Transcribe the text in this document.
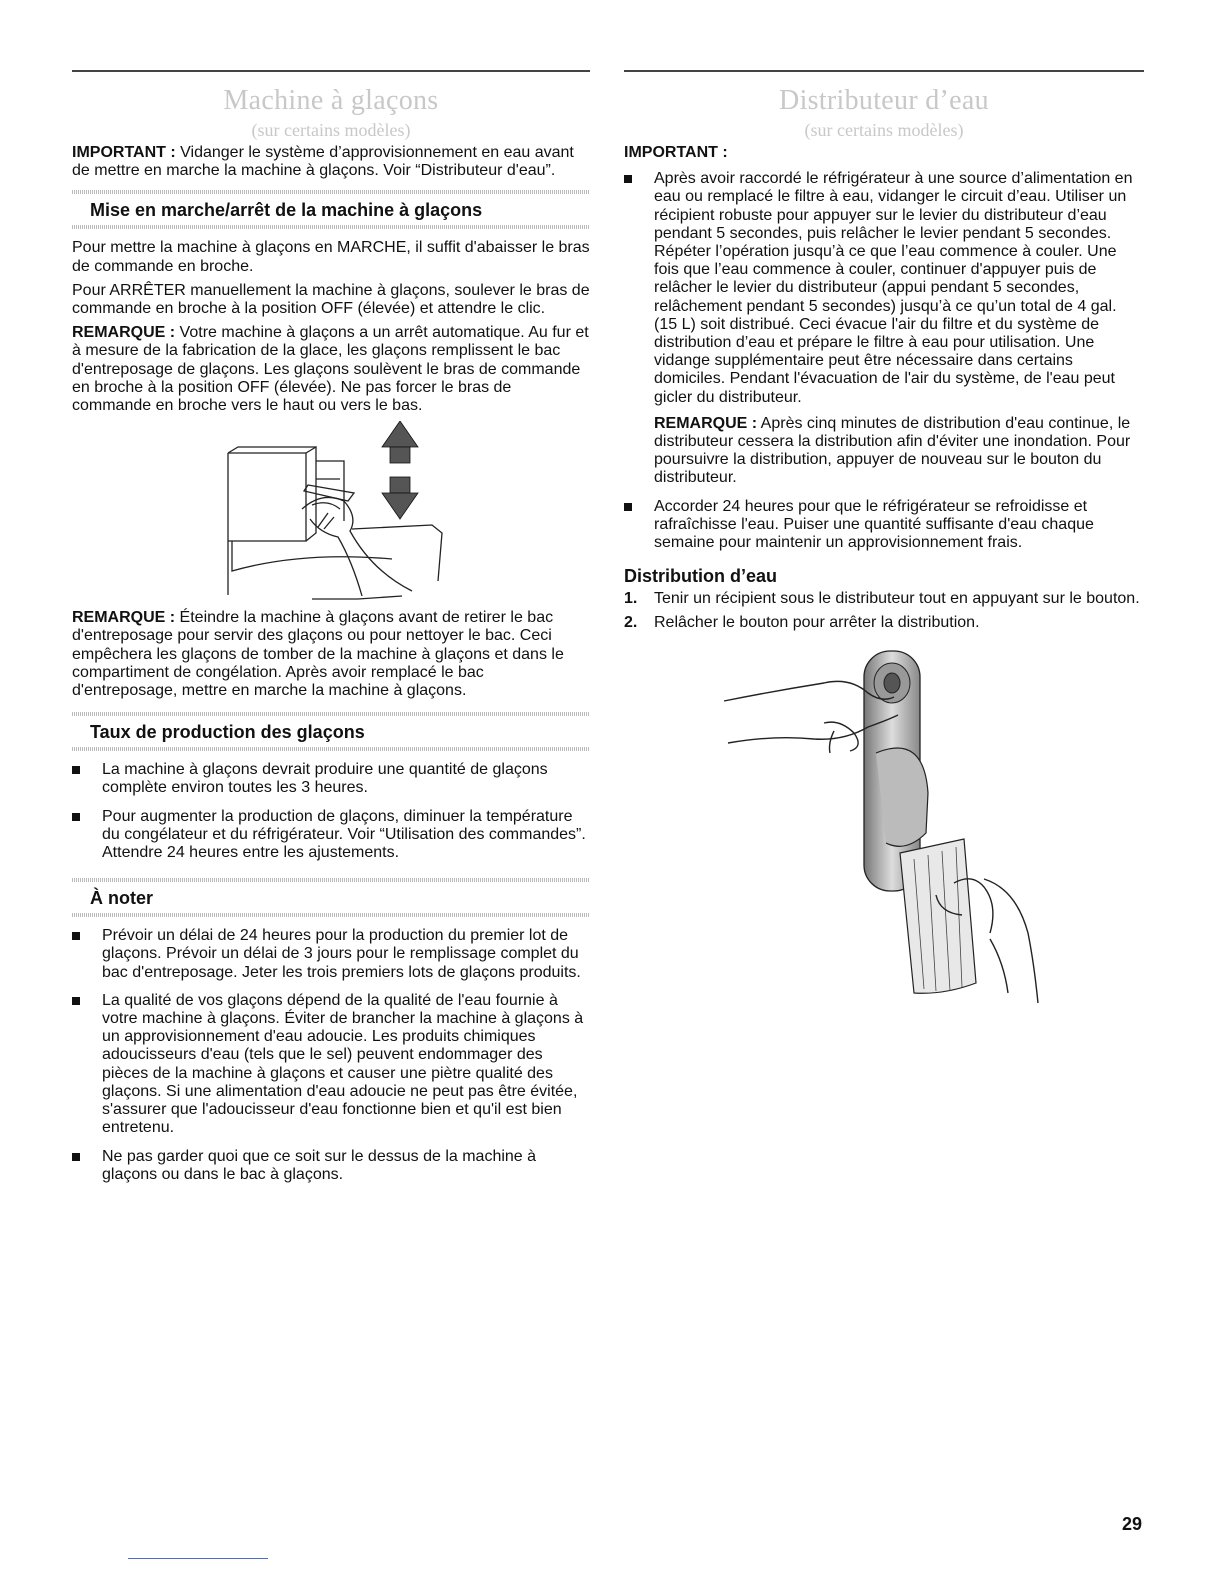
Machine à glaçons
(sur certains modèles)

IMPORTANT : Vidanger le système d’approvisionnement en eau avant de mettre en marche la machine à glaçons. Voir “Distributeur d'eau”.

Mise en marche/arrêt de la machine à glaçons

Pour mettre la machine à glaçons en MARCHE, il suffit d'abaisser le bras de commande en broche.

Pour ARRÊTER manuellement la machine à glaçons, soulever le bras de commande en broche à la position OFF (élevée) et attendre le clic.

REMARQUE : Votre machine à glaçons a un arrêt automatique. Au fur et à mesure de la fabrication de la glace, les glaçons remplissent le bac d'entreposage de glaçons. Les glaçons soulèvent le bras de commande en broche à la position OFF (élevée). Ne pas forcer le bras de commande en broche vers le haut ou vers le bas.

REMARQUE : Éteindre la machine à glaçons avant de retirer le bac d'entreposage pour servir des glaçons ou pour nettoyer le bac. Ceci empêchera les glaçons de tomber de la machine à glaçons et dans le compartiment de congélation. Après avoir remplacé le bac d'entreposage, mettre en marche la machine à glaçons.

Taux de production des glaçons
La machine à glaçons devrait produire une quantité de glaçons complète environ toutes les 3 heures.
Pour augmenter la production de glaçons, diminuer la température du congélateur et du réfrigérateur. Voir “Utilisation des commandes”. Attendre 24 heures entre les ajustements.
À noter
Prévoir un délai de 24 heures pour la production du premier lot de glaçons. Prévoir un délai de 3 jours pour le remplissage complet du bac d'entreposage. Jeter les trois premiers lots de glaçons produits.
La qualité de vos glaçons dépend de la qualité de l'eau fournie à votre machine à glaçons. Éviter de brancher la machine à glaçons à un approvisionnement d'eau adoucie. Les produits chimiques adoucisseurs d'eau (tels que le sel) peuvent endommager des pièces de la machine à glaçons et causer une piètre qualité des glaçons. Si une alimentation d'eau adoucie ne peut pas être évitée, s'assurer que l'adoucisseur d'eau fonctionne bien et qu'il est bien entretenu.
Ne pas garder quoi que ce soit sur le dessus de la machine à glaçons ou dans le bac à glaçons.
Distributeur d’eau
(sur certains modèles)

IMPORTANT :

Après avoir raccordé le réfrigérateur à une source d’alimentation en eau ou remplacé le filtre à eau, vidanger le circuit d’eau. Utiliser un récipient robuste pour appuyer sur le levier du distributeur d’eau pendant 5 secondes, puis relâcher le levier pendant 5 secondes. Répéter l’opération jusqu’à ce que l’eau commence à couler. Une fois que l’eau commence à couler, continuer d'appuyer puis de relâcher le levier du distributeur (appui pendant 5 secondes, relâchement pendant 5 secondes) jusqu’à ce qu’un total de 4 gal. (15 L) soit distribué. Ceci évacue l'air du filtre et du système de distribution d’eau et prépare le filtre à eau pour utilisation. Une vidange supplémentaire peut être nécessaire dans certains domiciles. Pendant l'évacuation de l'air du système, de l'eau peut gicler du distributeur.
REMARQUE : Après cinq minutes de distribution d'eau continue, le distributeur cessera la distribution afin d'éviter une inondation. Pour poursuivre la distribution, appuyer de nouveau sur le bouton du distributeur.
Accorder 24 heures pour que le réfrigérateur se refroidisse et rafraîchisse l'eau. Puiser une quantité suffisante d'eau chaque semaine pour maintenir un approvisionnement frais.
Distribution d’eau
1. Tenir un récipient sous le distributeur tout en appuyant sur le bouton.
2. Relâcher le bouton pour arrêter la distribution.
29
